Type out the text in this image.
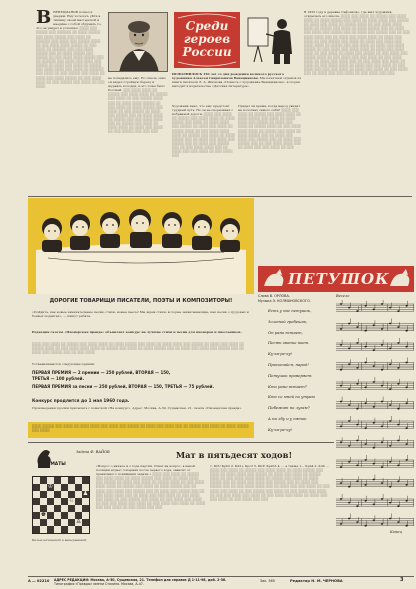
В ВЕНЕЦИАНОВ пошел к дверям. Ему хотелось уйти в тишину своей мастерской и наедине с собой обдумать то, что он увидел и услышал. ░░░░ ░░░ ░░░░░ ░░░ ░░░░░░ ░░ ░░░░ ░░░░░ ░░░ ░░░░ ░░░░░ ░░░ ░░░░ ░░ ░░░░░░ ░░░ ░░░░ ░░░ ░░░░░ ░░░░ ░░ ░░░ ░░░░ ░░░░ ░░░░░ ░░ ░░░ ░░░░ ░░ ░░░░░░ ░░░ ░░░ ░░░░ ░░░░░ ░░░ ░░ ░░░░ ░░░░░ ░░░ ░░░░░ ░░ ░░░ ░░░░ ░░░░ ░░░░░ ░░░ ░░ ░░░░░░ ░░░ ░░░░ ░░░ ░░░░ ░░░ ░░░░░ ░░ ░░░░ ░░░ ░░░░ ░░ ░░░░░ ░░░ ░░░░ ░░░░ ░░░ ░░░░ ░░ ░░░░░░ ░░░ ░░░░ ░░ ░░░ ░░░░░ ░░░ ░░░░ ░░ ░░░░ ░░░ ░░░░ ░░░░░ ░░ ░░░ ░░░░ ░░░░ ░░ ░░░ ░░░░░ ░░░ ░░░░ ░░ ░░░ ░░░░
не попадались ему. Но сквозь окно он видел стройную березу и журавль колодца, и это тоже было Россией. ░░░ ░░░░ ░░░░ ░░ ░░░░░ ░░░ ░░░░ ░░░░ ░░ ░░░░░ ░░░ ░░░░ ░░ ░░░ ░░░░░ ░░░░ ░░░ ░░ ░░░░ ░░░░ ░░░░░ ░░ ░░░ ░░░░ ░░ ░░░░ ░░░░░ ░░░ ░░░░ ░░ ░░░ ░░░░░ ░░ ░░░░ ░░░ ░░░░░ ░░░ ░░ ░░░░ ░░░░ ░░ ░░░░░ ░░░ ░░░ ░░░░ ░░░░ ░░░ ░░ ░░░░░ ░░░ ░░░░ ░░ ░░░░ ░░░░ ░░ ░░░░ ░░░ ░░░░ ░░ ░░░ ░░░░░ ░░░ ░░░ ░░░
Среди
героев
России
В 1823 году в деревне Сафонково, где жил художник, открылась его школа. ░░░░ ░░░ ░░░░ ░░ ░░░░░ ░░░ ░░░░ ░░░░ ░░ ░░░░ ░░░░░ ░░░ ░░░░ ░░ ░░░░ ░░░░ ░░░ ░░░░░ ░░ ░░░░ ░░░ ░░░░ ░░ ░░░░░ ░░░░ ░░ ░░░ ░░░░ ░░░░ ░░░░ ░░ ░░░░░ ░░░ ░░░░ ░░ ░░░░ ░░░░░ ░░░ ░░ ░░░░ ░░░ ░░░░ ░░░ ░░░░░ ░░░ ░░ ░░░░ ░░░ ░░░░░ ░░░ ░░ ░░░ ░░░░ ░░░░ ░░░ ░░ ░░░░ ░░░ ░░░░ ░░░░ ░░ ░░░░ ░░░ ░░░░ ░░ ░░░ ░░░░░ ░░░ ░░░░ ░░ ░░░░ ░░░ ░░░░ ░░░ ░░░░ ░░░░ ░░ ░░░░░ ░░░ ░░░ ░░░░ ░░ ░░░░ ░░░ ░░░░ ░░░░░ ░░ ░░░ ░░░░ ░░░ ░░░░ ░░░░ ░░ ░░░░ ░░░ ░░░░ ░░░░ ░░ ░░░ ░░░░ ░░ ░░░░ ░░░ ░░░░░ ░░ ░░░ ░░░░ ░░░ ░░░░░ ░░░░ ░░ ░░░ ░░░░ ░░░ ░░░ ░░░░ ░░ ░░░ ░░░░ ░░░░ ░░ ░░░░ ░░░ ░░░░ ░░░ ░░ ░░░ ░░░░ ░░░ ░░░░ ░░ ░░░░ ░░ ░░░ ░░░░ ░░░░ ░░ ░░░░ ░░░ ░░░ ░░░░ ░░ ░░░ ░░░░ ░░░ ░░░ ░░░ ░░░░ ░░ ░░░░ ░░░ ░░░░ ░░ ░░░ ░░░░ ░░░ ░░ ░░░░ ░░░ ░░░ ░░░░ ░░ ░░░ ░░░░ ░░░ ░░░
ИСПОЛНИЛОСЬ 150 лет со дня рождения великого русского художника Алексея Гавриловича Венецианова. Мы печатаем отрывок из книги писателя Л. А. Жалкова «Повесть о художнике Венецианове», которая выходит в издательстве «Детская литература».
Художник знал, что ему предстоит трудный путь. Но он не сворачивал с избранной дороги. ░░░░ ░░░ ░░░░ ░░ ░░░░░ ░░░ ░░░░ ░░░░ ░░ ░░░░ ░░░░░ ░░░ ░░░░ ░░ ░░░░ ░░░░ ░░░ ░░░░░ ░░ ░░░░ ░░░ ░░░░ ░░ ░░░░░ ░░░░ ░░ ░░░ ░░░░ ░░░░ ░░░░ ░░ ░░░░░ ░░░ ░░░░ ░░ ░░░░ ░░░░░ ░░░ ░░ ░░░░ ░░░ ░░░░ ░░░ ░░░░░ ░░░ ░░ ░░░░ ░░░ ░░░░░ ░░░ ░░ ░░░ ░░░░ ░░░░ ░░░ ░░ ░░░░ ░░░ ░░░ ░░░░ ░░ ░░░ ░░░░ ░░░
Придет ли время, когда народ увидит на полотнах самого себя? ░░░░ ░░░ ░░░░ ░░ ░░░░░ ░░░ ░░░░ ░░░░ ░░ ░░░░ ░░░░░ ░░░ ░░░░ ░░ ░░░░ ░░░░ ░░░ ░░░░░ ░░ ░░░░ ░░░ ░░░░ ░░ ░░░░░ ░░░░ ░░ ░░░ ░░░░ ░░░░ ░░░░ ░░ ░░░░░ ░░░ ░░░░ ░░ ░░░░ ░░░░░ ░░░ ░░ ░░░░ ░░░ ░░░░ ░░░ ░░░░░ ░░░ ░░ ░░░░ ░░░ ░░░░░ ░░░ ░░ ░░░ ░░░░ ░░░░ ░░░ ░░ ░░░░ ░░░ ░░░ ░░░░ ░░ ░░░
ДОРОГИЕ ТОВАРИЩИ ПИСАТЕЛИ, ПОЭТЫ И КОМПОЗИТОРЫ!
«Пойдите, как новые замечательные песни, стихи, новые пьесы! Мы ждем стихи, которые захватывающие, как песни о трудовых и боевых подвигах», — пишут ребята.
Редакция газеты «Пионерская правда» объявляет конкурс на лучшие стихи и песни для пионеров и школьников.
░░░░ ░░░ ░░░░ ░░ ░░░░░ ░░░ ░░░░ ░░░░ ░░ ░░░░ ░░░░░ ░░░ ░░░░ ░░ ░░░░ ░░░░ ░░░ ░░░░░ ░░ ░░░░ ░░░ ░░░░ ░░ ░░░░░ ░░░░ ░░ ░░░ ░░░░ ░░░░ ░░░░ ░░ ░░░░░ ░░░ ░░░░ ░░ ░░░░ ░░░░░ ░░░ ░░ ░░░░ ░░░ ░░░░ ░░░ ░░░░░ ░░░ ░░ ░░░░ ░░░ ░░░░░ ░░░ ░░ ░░░ ░░░░
Устанавливаются следующие премии:
ПЕРВАЯ ПРЕМИЯ — 2 премии — 250 рублей, ВТОРАЯ — 150,
ТРЕТЬЯ — 100 рублей.
ПЕРВАЯ ПРЕМИЯ за песни — 250 рублей, ВТОРАЯ — 150, ТРЕТЬЯ — 75 рублей.
Конкурс продлится до 1 мая 1960 года.
Произведения просим присылать с пометкой «На конкурс». Адрес: Москва, А-30, Сущевская, 21, газета «Пионерская правда».
░░░░ ░░░░░ ░░░ ░░░░ ░░ ░░░░ ░░░░ ░░░ ░░░░ ░░░ ░░░░░ ░░ ░░░░ ░░░ ░░░░ ░░░ ░░ ░░░░░ ░░░ ░░░░ ░░ ░░░░ ░░░░░ ░░░ ░░░░
ПЕТУШОК
Слова В. ОРЛОВА.
Музыка Э. КОЛМАНОВСКОГО.
Есть у нас петушок,
Золотой гребешок,
Он рано встает,
Песню звонко поет.
Ку-ка-ре-ку!
Просыпайся, народ!
Петушок проверяет:
Кто рано встает?
Кто со мной по утрам
Побежит по лугам?
А на лбу и у пяток
Ку-ка-ре-ку!
Весело
Конец
ШАХМАТЫ
Задача Ф. ВАЙОВ
♔
♘
♚
♙
♟
Белые начинают и выигрывают
Мат в пятьдесят ходов!
«Вопрос о начале и о ходе партии. Ответ на вопрос, в какой позиции играет соперник после первого хода, зависит от правильного понимания задачи.» ░░░░ ░░░ ░░░░ ░░ ░░░░░ ░░░ ░░░░ ░░░░ ░░ ░░░░ ░░░░░ ░░░ ░░░░ ░░ ░░░░ ░░░░ ░░░ ░░░░░ ░░ ░░░░ ░░░ ░░░░ ░░ ░░░░░ ░░░░ ░░ ░░░ ░░░░ ░░░░ ░░░░ ░░ ░░░░░ ░░░ ░░░░ ░░ ░░░░ ░░░░░ ░░░ ░░ ░░░░ ░░░ ░░░░ ░░░ ░░░░░ ░░░ ░░ ░░░░ ░░░ ░░░░░ ░░░ ░░ ░░░ ░░░░ ░░░░ ░░░ ░░ ░░░░ ░░░ ░░░ ░░░░ ░░ ░░░ ░░░░ ░░░ ░░░░ ░░ ░░░ ░░░░░ ░░░ ░░░░ ░░ ░░░ ░░░░ ░░░ ░░░░ ░░ ░░░ ░░░ ░░░░ ░░░ ░░░░ ░░ ░░░ ░░░░ ░░░ ░░░░ ░░ ░░░░ ░░░ ░░░ ░░░░ ░░ ░░░ ░░░░ ░░░ ░░░
1. Кf3! Крb2 2. Кd2+ Крc2 3. Кb3! Крxb3 4. ... а также 1... Крb4 2. Kd4 ... ░░░░ ░░░ ░░░░ ░░ ░░░░░ ░░░ ░░░░ ░░░░ ░░ ░░░░ ░░░░░ ░░░ ░░░░ ░░ ░░░░ ░░░░ ░░░ ░░░░░ ░░ ░░░░ ░░░ ░░░░ ░░ ░░░░░ ░░░░ ░░ ░░░ ░░░░ ░░░░ ░░░░ ░░ ░░░░░ ░░░ ░░░░ ░░ ░░░░ ░░░░░ ░░░ ░░ ░░░░ ░░░ ░░░░ ░░░ ░░░░░ ░░░ ░░ ░░░░ ░░░ ░░░░░ ░░░ ░░ ░░░ ░░░░ ░░░░ ░░░ ░░ ░░░░ ░░░ ░░░ ░░░░ ░░ ░░░ ░░░░ ░░░ ░░░░ ░░ ░░░ ░░░░░ ░░░ ░░░░ ░░ ░░░ ░░░░ ░░░ ░░░░ ░░ ░░░ ░░░ ░░░░ ░░░ ░░░░ ░░ ░░░ ░░░░ ░░░ ░░░░ ░░ ░░░░ ░░░ ░░░ ░░░░ ░░ ░░░ ░░░░ ░░░ ░░░
А — 02210 АДРЕС РЕДАКЦИИ: Москва, А-30, Сущевская, 21. Телефон для справок Д 1-11-98, доб. 2-36.
Типография «Правды» имени Сталина. Москва, А-47.
Зак. 565	Редактор Н. М. ЧЕРНОВА	3
